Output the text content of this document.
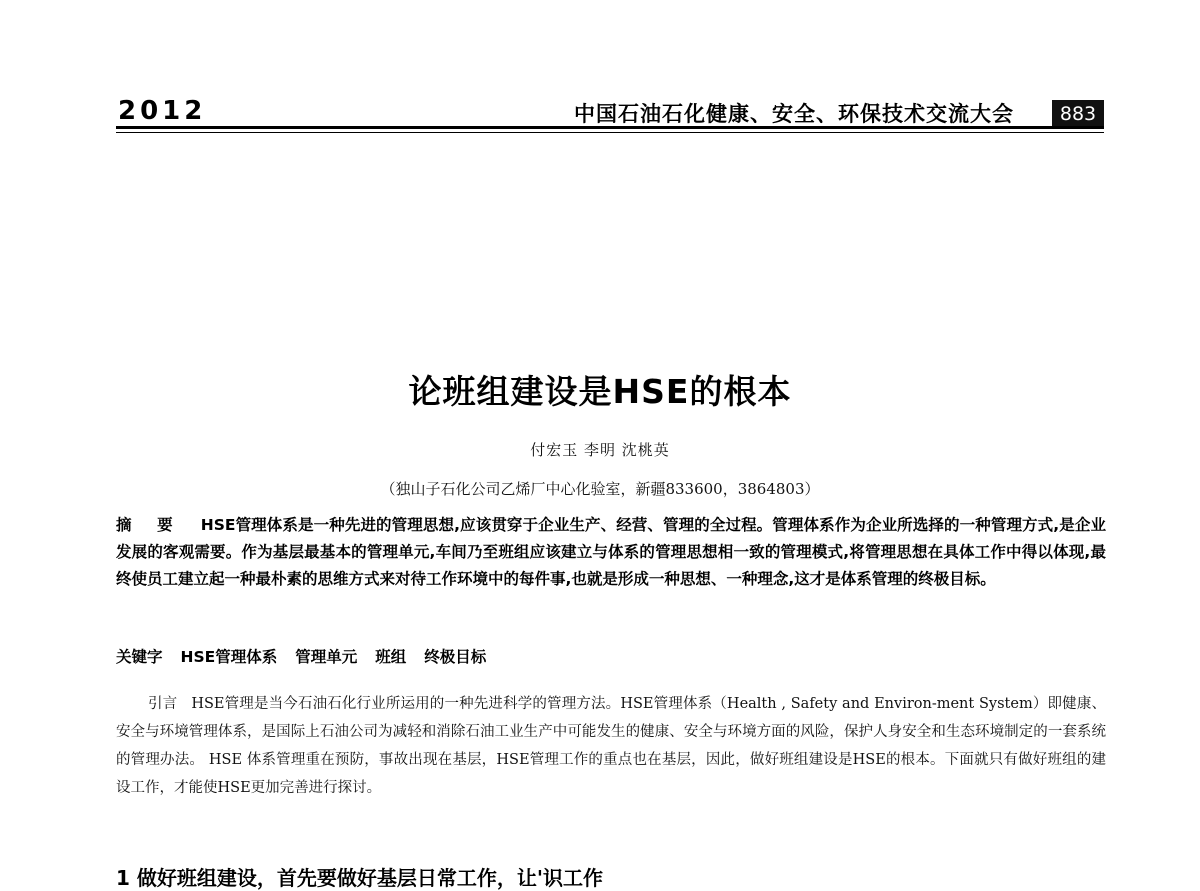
2012	中国石油石化健康、安全、环保技术交流大会	883
论班组建设是HSE的根本
付宏玉 李明 沈桃英
（独山子石化公司乙烯厂中心化验室，新疆833600，3864803）
摘 要 HSE管理体系是一种先进的管理思想,应该贯穿于企业生产、经营、管理的全过程。管理体系作为企业所选择的一种管理方式,是企业发展的客观需要。作为基层最基本的管理单元,车间乃至班组应该建立与体系的管理思想相一致的管理模式,将管理思想在具体工作中得以体现,最终使员工建立起一种最朴素的思维方式来对待工作环境中的每件事,也就是形成一种思想、一种理念,这才是体系管理的终极目标。
关键字 HSE管理体系 管理单元 班组 终极目标
引言 HSE管理是当今石油石化行业所运用的一种先进科学的管理方法。HSE管理体系（Health , Safety and Environ-ment System）即健康、安全与环境管理体系，是国际上石油公司为减轻和消除石油工业生产中可能发生的健康、安全与环境方面的风险，保护人身安全和生态环境制定的一套系统的管理办法。 HSE 体系管理重在预防，事故出现在基层，HSE管理工作的重点也在基层，因此，做好班组建设是HSE的根本。下面就只有做好班组的建设工作，才能使HSE更加完善进行探讨。
1 做好班组建设，首先要做好基层日常工作，让'识工作
